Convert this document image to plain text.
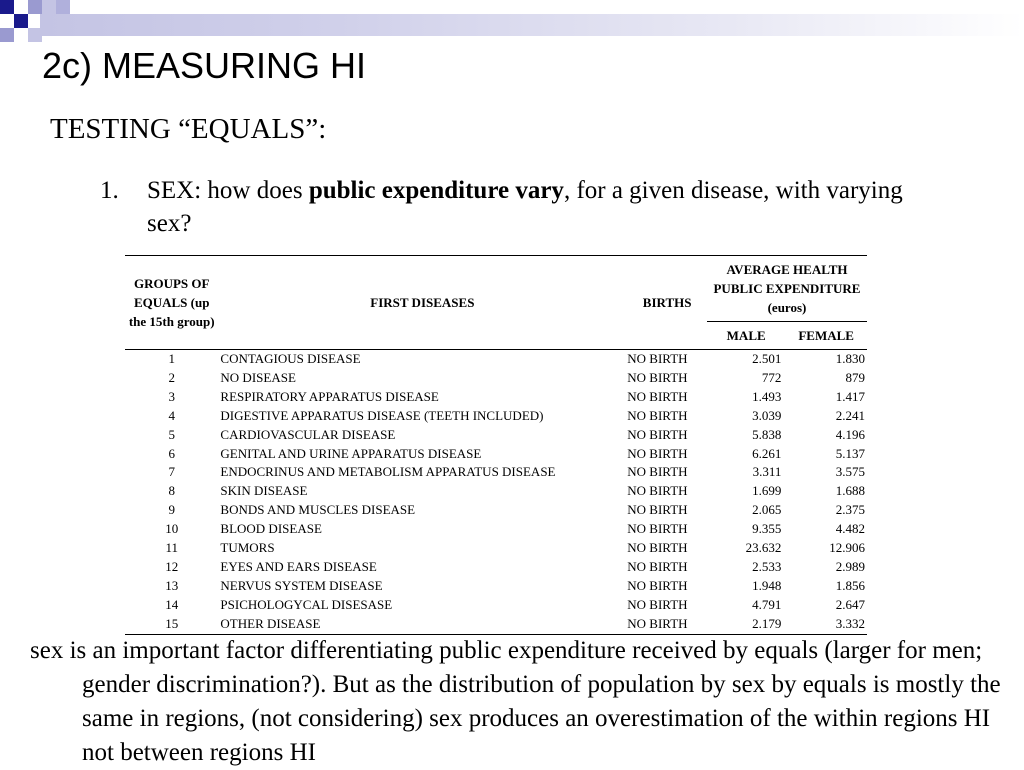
2c) MEASURING HI
TESTING “EQUALS”:
1. SEX: how does public expenditure vary, for a given disease, with varying sex?
GROUPS OF EQUALS (up the 15th group)	FIRST DISEASES	BIRTHS	AVERAGE HEALTH PUBLIC EXPENDITURE (euros)	
			MALE	FEMALE
1	CONTAGIOUS DISEASE	NO BIRTH	2.501	1.830
2	NO DISEASE	NO BIRTH	772	879
3	RESPIRATORY APPARATUS DISEASE	NO BIRTH	1.493	1.417
4	DIGESTIVE APPARATUS DISEASE (TEETH INCLUDED)	NO BIRTH	3.039	2.241
5	CARDIOVASCULAR DISEASE	NO BIRTH	5.838	4.196
6	GENITAL AND URINE APPARATUS DISEASE	NO BIRTH	6.261	5.137
7	ENDOCRINUS AND METABOLISM APPARATUS DISEASE	NO BIRTH	3.311	3.575
8	SKIN DISEASE	NO BIRTH	1.699	1.688
9	BONDS AND MUSCLES DISEASE	NO BIRTH	2.065	2.375
10	BLOOD DISEASE	NO BIRTH	9.355	4.482
11	TUMORS	NO BIRTH	23.632	12.906
12	EYES AND EARS DISEASE	NO BIRTH	2.533	2.989
13	NERVUS SYSTEM DISEASE	NO BIRTH	1.948	1.856
14	PSICHOLOGYCAL DISESASE	NO BIRTH	4.791	2.647
15	OTHER DISEASE	NO BIRTH	2.179	3.332
sex is an important factor differentiating public expenditure received by equals (larger for men; gender discrimination?). But as the distribution of population by sex by equals is mostly the same in regions, (not considering) sex produces an overestimation of the within regions HI not between regions HI
